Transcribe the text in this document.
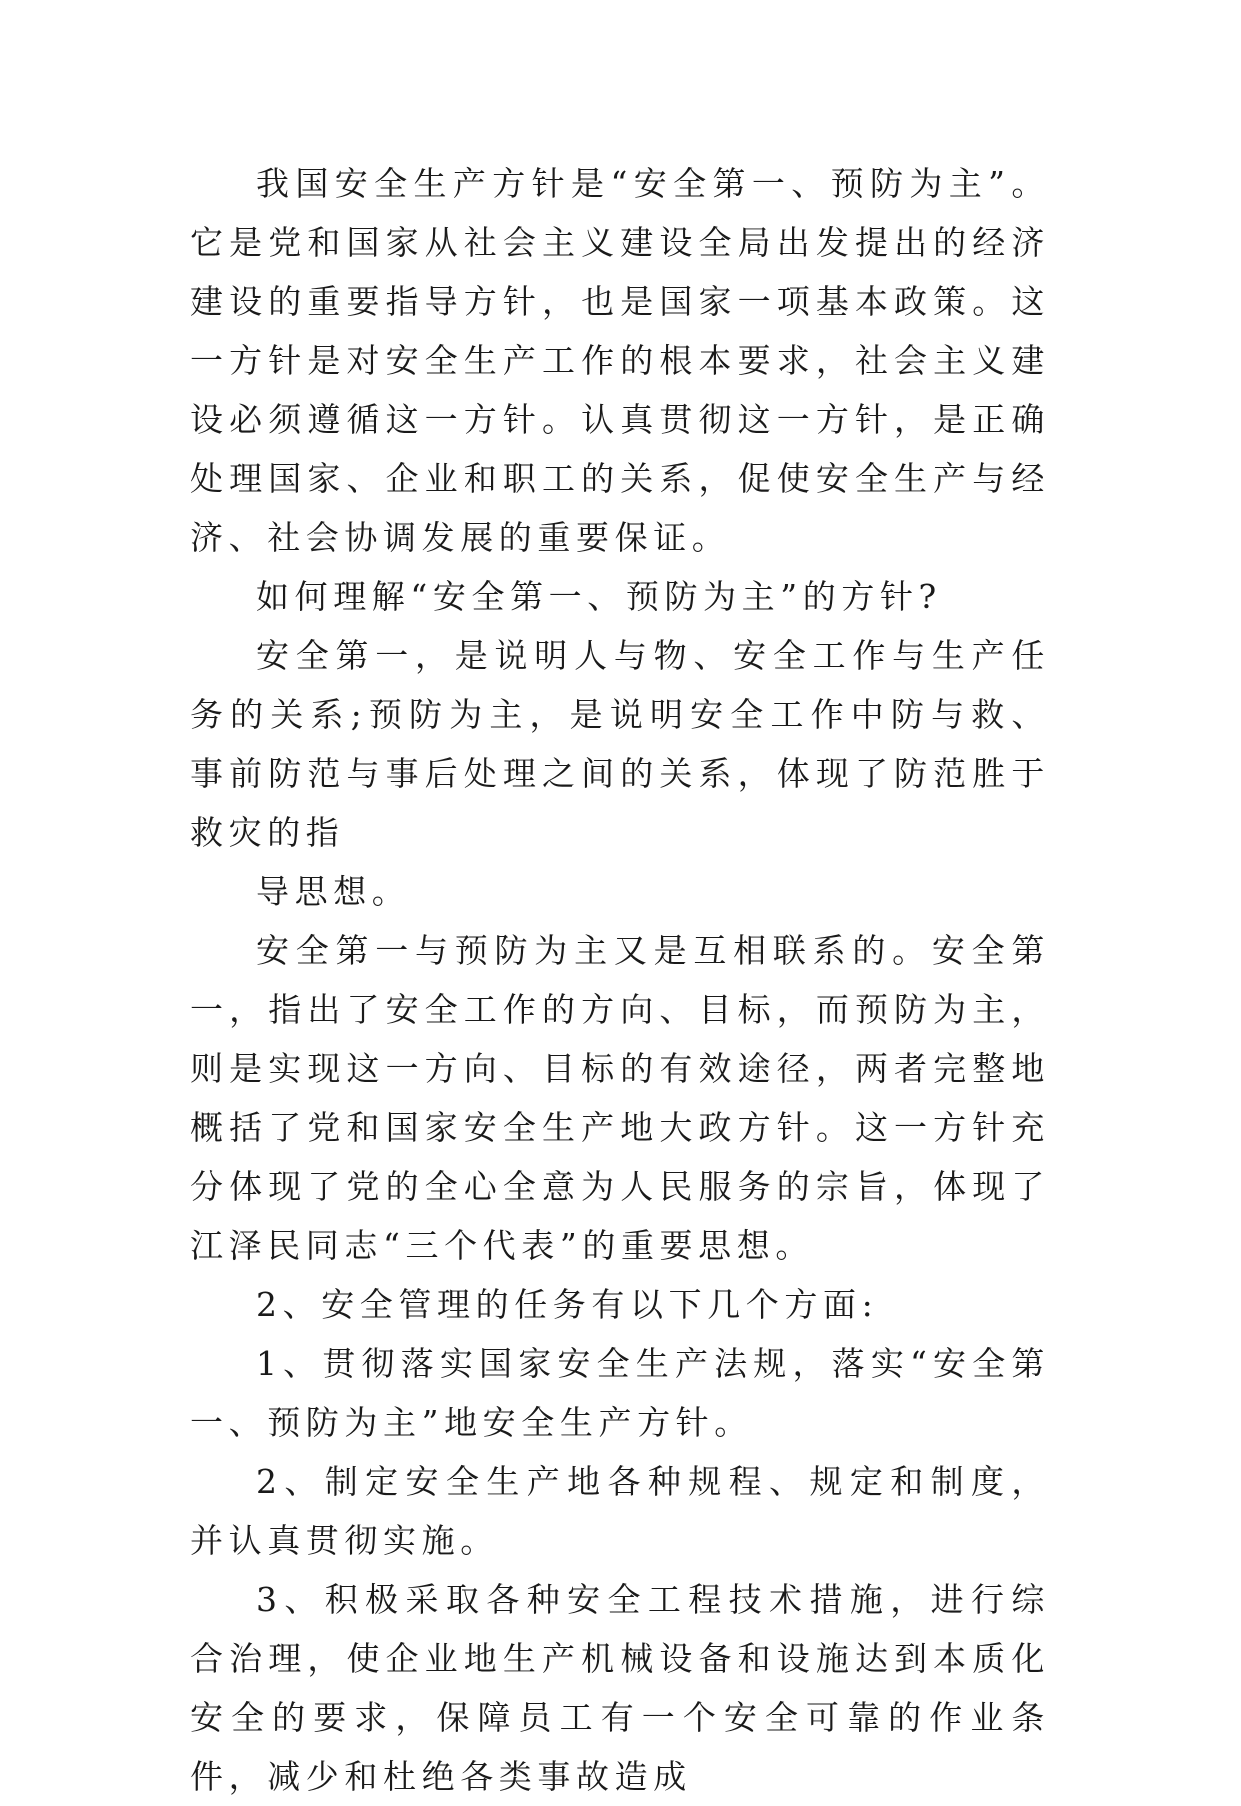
我国安全生产方针是“安全第一、预防为主”。它是党和国家从社会主义建设全局出发提出的经济建设的重要指导方针，也是国家一项基本政策。这一方针是对安全生产工作的根本要求，社会主义建设必须遵循这一方针。认真贯彻这一方针，是正确处理国家、企业和职工的关系，促使安全生产与经济、社会协调发展的重要保证。

如何理解“安全第一、预防为主”的方针?

安全第一，是说明人与物、安全工作与生产任务的关系;预防为主，是说明安全工作中防与救、事前防范与事后处理之间的关系，体现了防范胜于救灾的指

导思想。

安全第一与预防为主又是互相联系的。安全第一，指出了安全工作的方向、目标，而预防为主，则是实现这一方向、目标的有效途径，两者完整地概括了党和国家安全生产地大政方针。这一方针充分体现了党的全心全意为人民服务的宗旨，体现了江泽民同志“三个代表”的重要思想。

2、安全管理的任务有以下几个方面:

1、贯彻落实国家安全生产法规，落实“安全第一、预防为主”地安全生产方针。

2、制定安全生产地各种规程、规定和制度，并认真贯彻实施。

3、积极采取各种安全工程技术措施，进行综合治理，使企业地生产机械设备和设施达到本质化安全的要求，保障员工有一个安全可靠的作业条件，减少和杜绝各类事故造成
